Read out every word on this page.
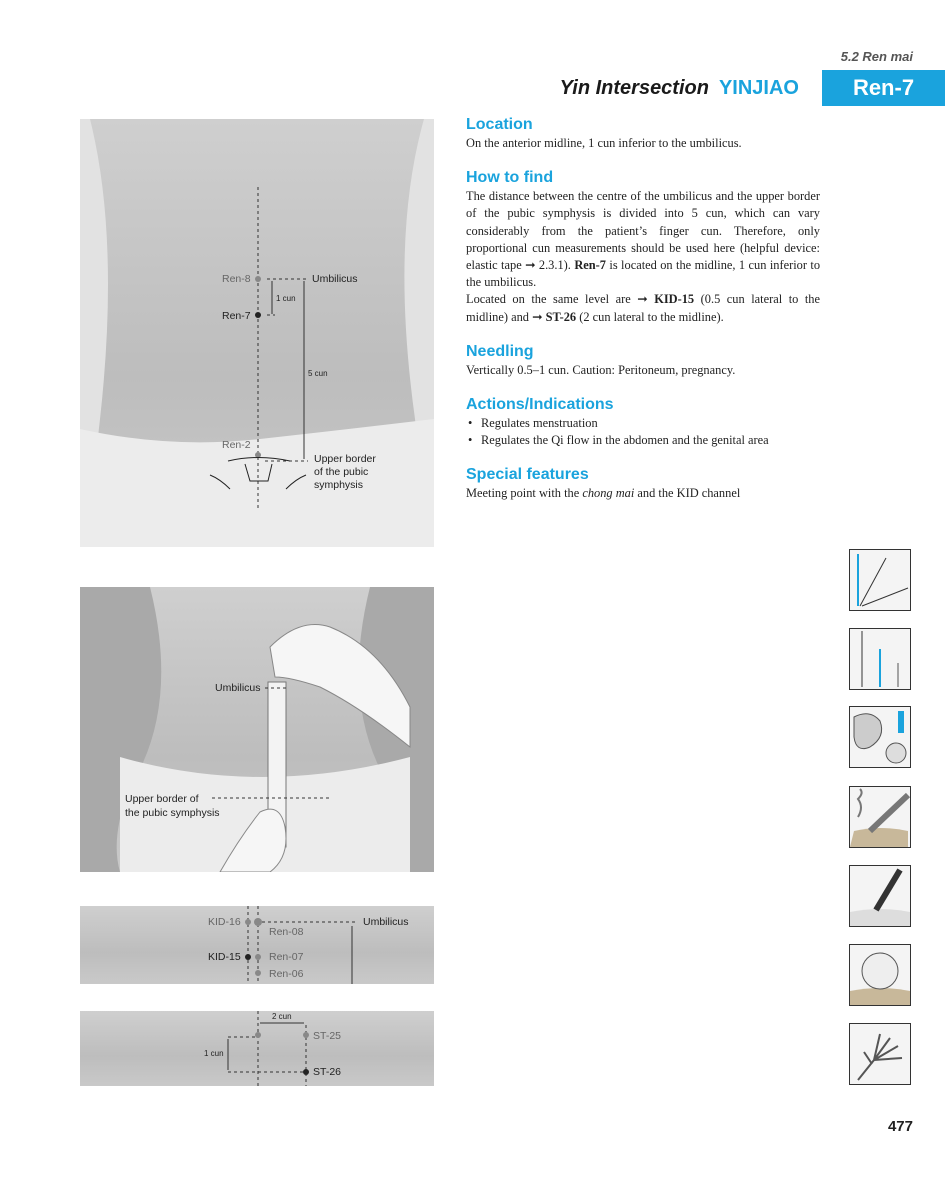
5.2 Ren mai
Yin Intersection YINJIAO	Ren-7
Location

On the anterior midline, 1 cun inferior to the umbilicus.

How to find

The distance between the centre of the umbilicus and the upper border of the pubic symphysis is divided into 5 cun, which can vary considerably from the patient’s finger cun. Therefore, only proportional cun measurements should be used here (helpful device: elastic tape ➞ 2.3.1). Ren-7 is located on the midline, 1 cun inferior to the umbilicus.

Located on the same level are ➞ KID-15 (0.5 cun lateral to the midline) and ➞ ST-26 (2 cun lateral to the midline).

Needling

Vertically 0.5–1 cun. Caution: Peritoneum, pregnancy.

Actions/Indications
• Regulates menstruation
• Regulates the Qi flow in the abdomen and the genital area
Special features

Meeting point with the chong mai and the KID channel

Ren-8
Ren-7
Ren-2
Umbilicus
1 cun
5 cun
Upper border
of the pubic
symphysis
Umbilicus
Upper border of
the pubic symphysis
KID-16
KID-15
Ren-08
Ren-07
Ren-06
Umbilicus
2 cun
1 cun
ST-25
ST-26
477
